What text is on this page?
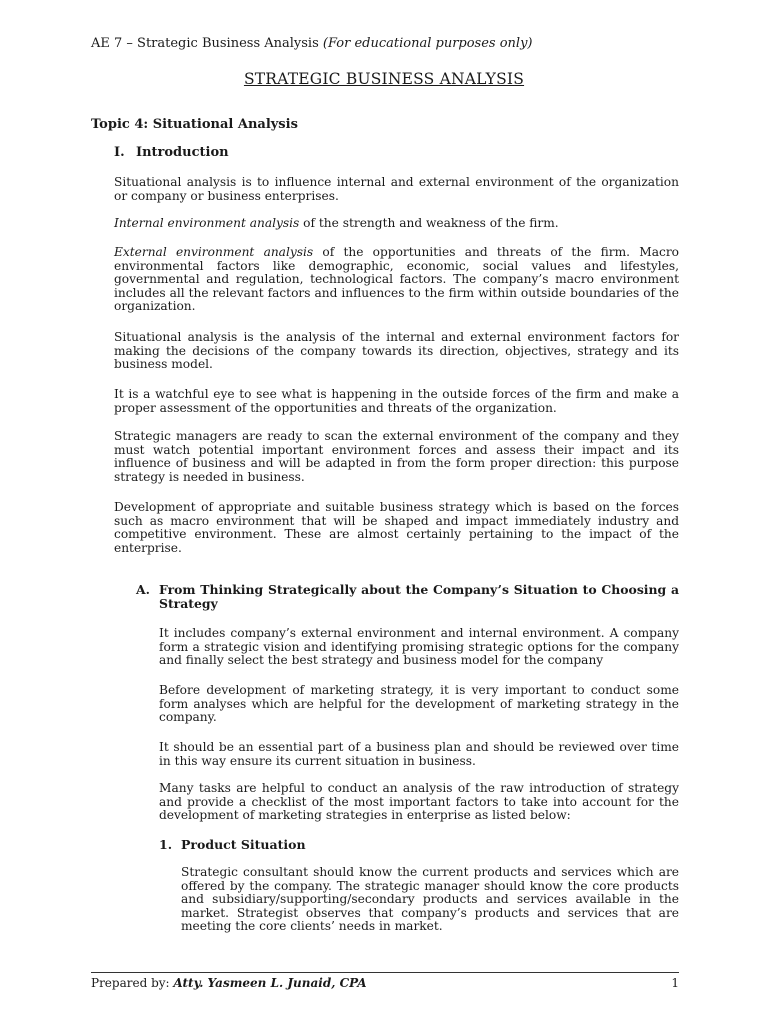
AE 7 – Strategic Business Analysis (For educational purposes only)
STRATEGIC BUSINESS ANALYSIS
Topic 4: Situational Analysis
I. Introduction

Situational analysis is to influence internal and external environment of the organization or company or business enterprises.

Internal environment analysis of the strength and weakness of the firm.

External environment analysis of the opportunities and threats of the firm. Macro environmental factors like demographic, economic, social values and lifestyles, governmental and regulation, technological factors. The company’s macro environment includes all the relevant factors and influences to the firm within outside boundaries of the organization.

Situational analysis is the analysis of the internal and external environment factors for making the decisions of the company towards its direction, objectives, strategy and its business model.

It is a watchful eye to see what is happening in the outside forces of the firm and make a proper assessment of the opportunities and threats of the organization.

Strategic managers are ready to scan the external environment of the company and they must watch potential important environment forces and assess their impact and its influence of business and will be adapted in from the form proper direction: this purpose strategy is needed in business.

Development of appropriate and suitable business strategy which is based on the forces such as macro environment that will be shaped and impact immediately industry and competitive environment. These are almost certainly pertaining to the impact of the enterprise.

A. From Thinking Strategically about the Company’s Situation to Choosing a Strategy

It includes company’s external environment and internal environment. A company form a strategic vision and identifying promising strategic options for the company and finally select the best strategy and business model for the company

Before development of marketing strategy, it is very important to conduct some form analyses which are helpful for the development of marketing strategy in the company.

It should be an essential part of a business plan and should be reviewed over time in this way ensure its current situation in business.

Many tasks are helpful to conduct an analysis of the raw introduction of strategy and provide a checklist of the most important factors to take into account for the development of marketing strategies in enterprise as listed below:

1. Product Situation

Strategic consultant should know the current products and services which are offered by the company. The strategic manager should know the core products and subsidiary/supporting/secondary products and services available in the market. Strategist observes that company’s products and services that are meeting the core clients’ needs in market.

Prepared by: Atty. Yasmeen L. Junaid, CPA	1
